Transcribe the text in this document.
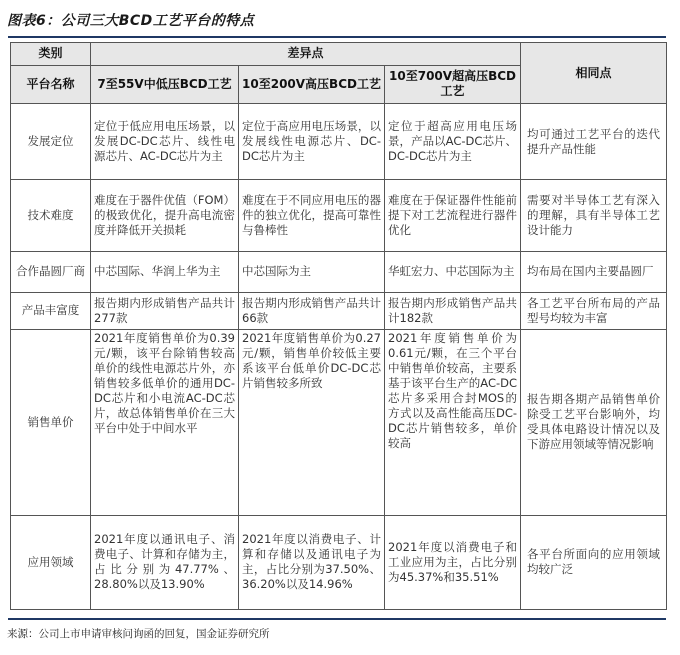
图表6：公司三大BCD工艺平台的特点
类别	差异点			相同点
平台名称	7至55V中低压BCD工艺	10至200V高压BCD工艺	10至700V超高压BCD工艺	
发展定位	定位于低应用电压场景，以发展DC-DC芯片、线性电源芯片、AC-DC芯片为主	定位于高应用电压场景，以发展线性电源芯片、DC-DC芯片为主	定位于超高应用电压场景，产品以AC-DC芯片、DC-DC芯片为主	均可通过工艺平台的迭代提升产品性能
技术难度	难度在于器件优值（FOM）的极致优化，提升高电流密度并降低开关损耗	难度在于不同应用电压的器件的独立优化，提高可靠性与鲁棒性	难度在于保证器件性能前提下对工艺流程进行器件优化	需要对半导体工艺有深入的理解，具有半导体工艺设计能力
合作晶圆厂商	中芯国际、华润上华为主	中芯国际为主	华虹宏力、中芯国际为主	均布局在国内主要晶圆厂
产品丰富度	报告期内形成销售产品共计277款	报告期内形成销售产品共计66款	报告期内形成销售产品共计182款	各工艺平台所布局的产品型号均较为丰富
销售单价	2021年度销售单价为0.39元/颗，该平台除销售较高单价的线性电源芯片外，亦销售较多低单价的通用DC-DC芯片和小电流AC-DC芯片，故总体销售单价在三大平台中处于中间水平	2021年度销售单价为0.27元/颗，销售单价较低主要系该平台低单价DC-DC芯片销售较多所致	2021年度销售单价为0.61元/颗，在三个平台中销售单价较高，主要系基于该平台生产的AC-DC芯片多采用合封MOS的方式以及高性能高压DC-DC芯片销售较多，单价较高	报告期各期产品销售单价除受工艺平台影响外，均受具体电路设计情况以及下游应用领域等情况影响
应用领域	2021年度以通讯电子、消费电子、计算和存储为主，占比分别为47.77%、28.80%以及13.90%	2021年度以消费电子、计算和存储以及通讯电子为主，占比分别为37.50%、36.20%以及14.96%	2021年度以消费电子和工业应用为主，占比分别为45.37%和35.51%	各平台所面向的应用领域均较广泛
来源：公司上市申请审核问询函的回复，国金证券研究所
